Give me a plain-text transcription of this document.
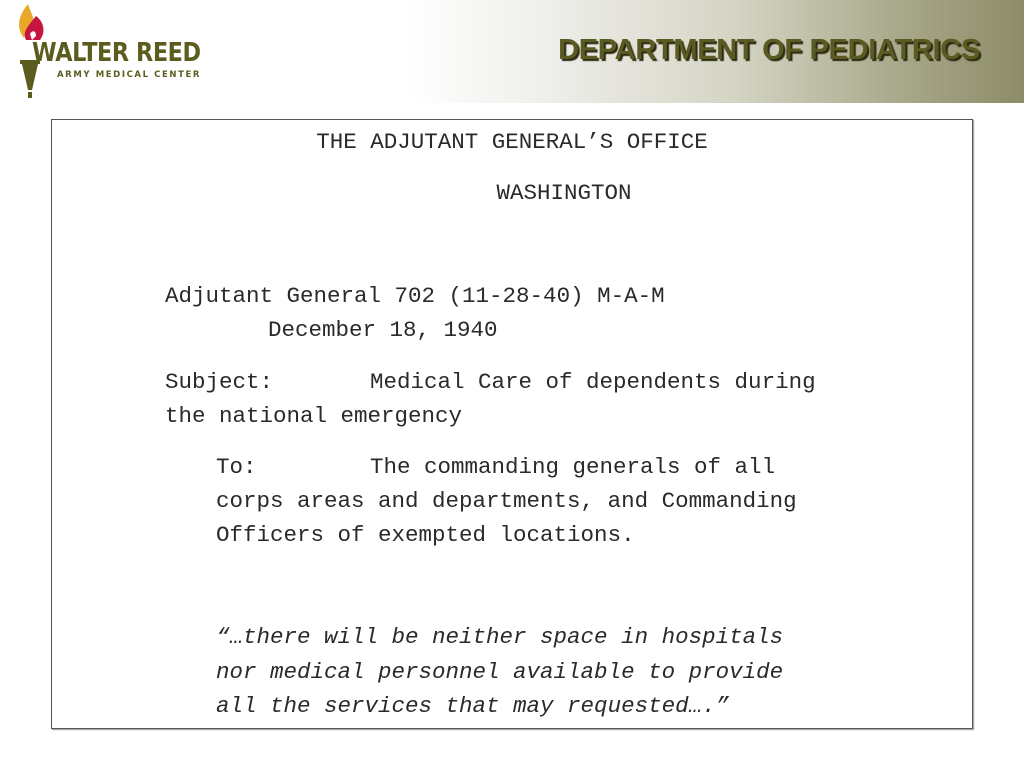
WALTER REED
ARMY MEDICAL CENTER
DEPARTMENT OF PEDIATRICS
THE ADJUTANT GENERAL’S OFFICE
WASHINGTON
Adjutant General 702 (11-28-40) M-A-M
December 18, 1940
Subject:	Medical Care of dependents during
the national emergency
To:	The commanding generals of all
corps areas and departments, and Commanding
Officers of exempted locations.
“…there will be neither space in hospitals
nor medical personnel available to provide
all the services that may requested….”
